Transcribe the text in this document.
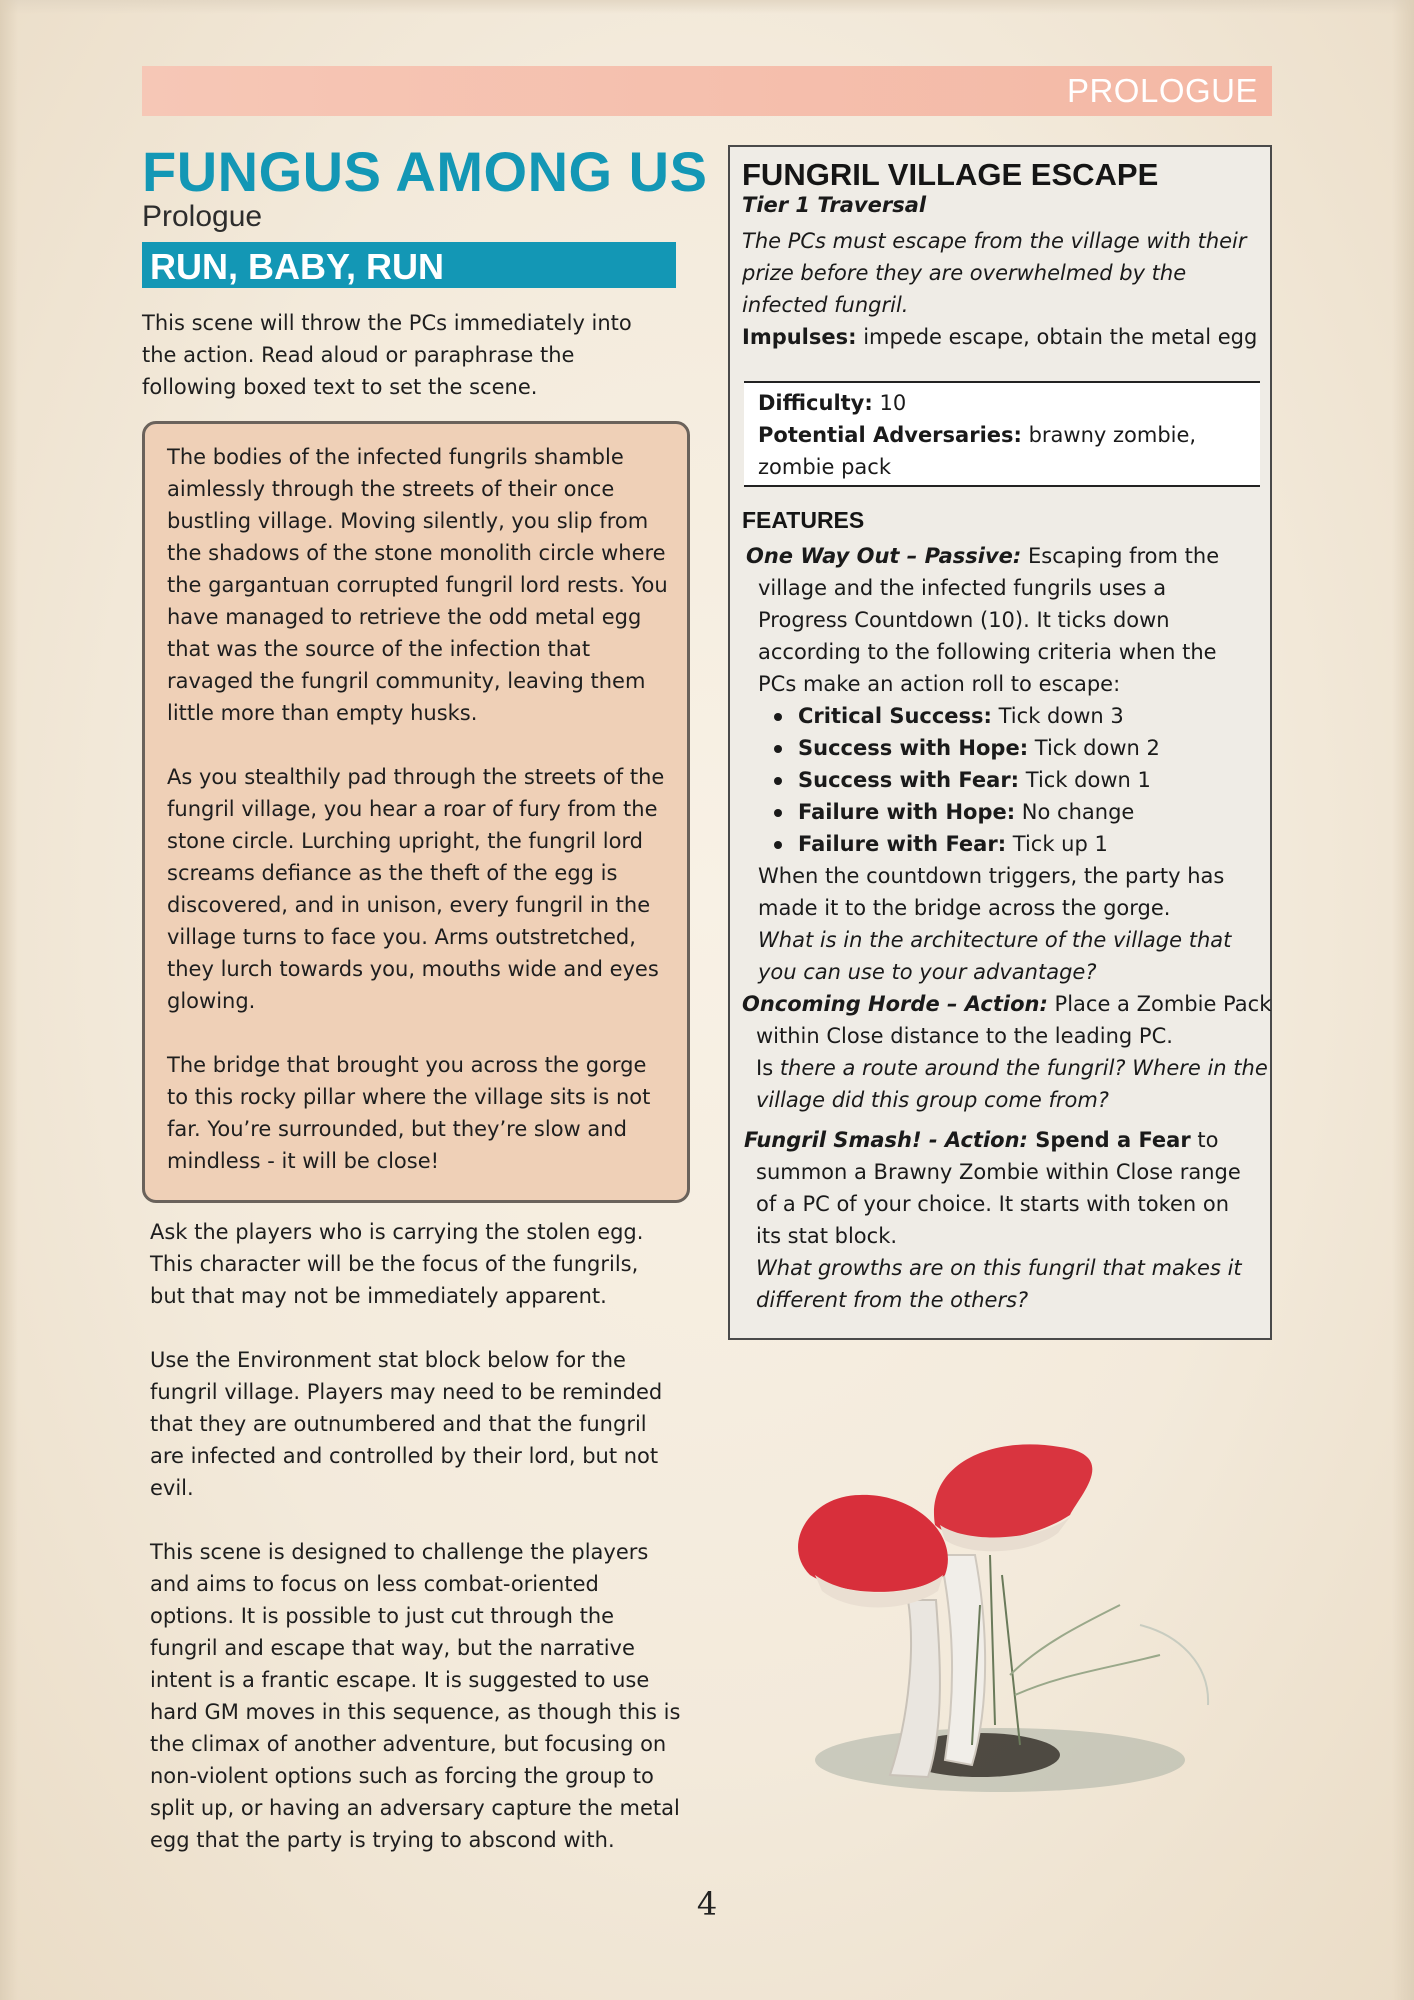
PROLOGUE
FUNGUS AMONG US
Prologue
RUN, BABY, RUN

This scene will throw the PCs immediately into

the action. Read aloud or paraphrase the

following boxed text to set the scene.

The bodies of the infected fungrils shamble

aimlessly through the streets of their once

bustling village. Moving silently, you slip from

the shadows of the stone monolith circle where

the gargantuan corrupted fungril lord rests. You

have managed to retrieve the odd metal egg

that was the source of the infection that

ravaged the fungril community, leaving them

little more than empty husks.

As you stealthily pad through the streets of the

fungril village, you hear a roar of fury from the

stone circle. Lurching upright, the fungril lord

screams defiance as the theft of the egg is

discovered, and in unison, every fungril in the

village turns to face you. Arms outstretched,

they lurch towards you, mouths wide and eyes

glowing.

The bridge that brought you across the gorge

to this rocky pillar where the village sits is not

far. You’re surrounded, but they’re slow and

mindless - it will be close!

Ask the players who is carrying the stolen egg.

This character will be the focus of the fungrils,

but that may not be immediately apparent.

Use the Environment stat block below for the

fungril village. Players may need to be reminded

that they are outnumbered and that the fungril

are infected and controlled by their lord, but not

evil.

This scene is designed to challenge the players

and aims to focus on less combat-oriented

options. It is possible to just cut through the

fungril and escape that way, but the narrative

intent is a frantic escape. It is suggested to use

hard GM moves in this sequence, as though this is

the climax of another adventure, but focusing on

non-violent options such as forcing the group to

split up, or having an adversary capture the metal

egg that the party is trying to abscond with.

FUNGRIL VILLAGE ESCAPE
Tier 1 Traversal

The PCs must escape from the village with their

prize before they are overwhelmed by the

infected fungril.

Impulses: impede escape, obtain the metal egg

Difficulty: 10

Potential Adversaries: brawny zombie,

zombie pack

FEATURES

One Way Out – Passive: Escaping from the

village and the infected fungrils uses a

Progress Countdown (10). It ticks down

according to the following criteria when the

PCs make an action roll to escape:

Critical Success: Tick down 3

Success with Hope: Tick down 2

Success with Fear: Tick down 1

Failure with Hope: No change

Failure with Fear: Tick up 1

When the countdown triggers, the party has

made it to the bridge across the gorge.

What is in the architecture of the village that

you can use to your advantage?

Oncoming Horde – Action: Place a Zombie Pack

within Close distance to the leading PC.

Is there a route around the fungril? Where in the

village did this group come from?

Fungril Smash! - Action: Spend a Fear to

summon a Brawny Zombie within Close range

of a PC of your choice. It starts with token on

its stat block.

What growths are on this fungril that makes it

different from the others?

4
